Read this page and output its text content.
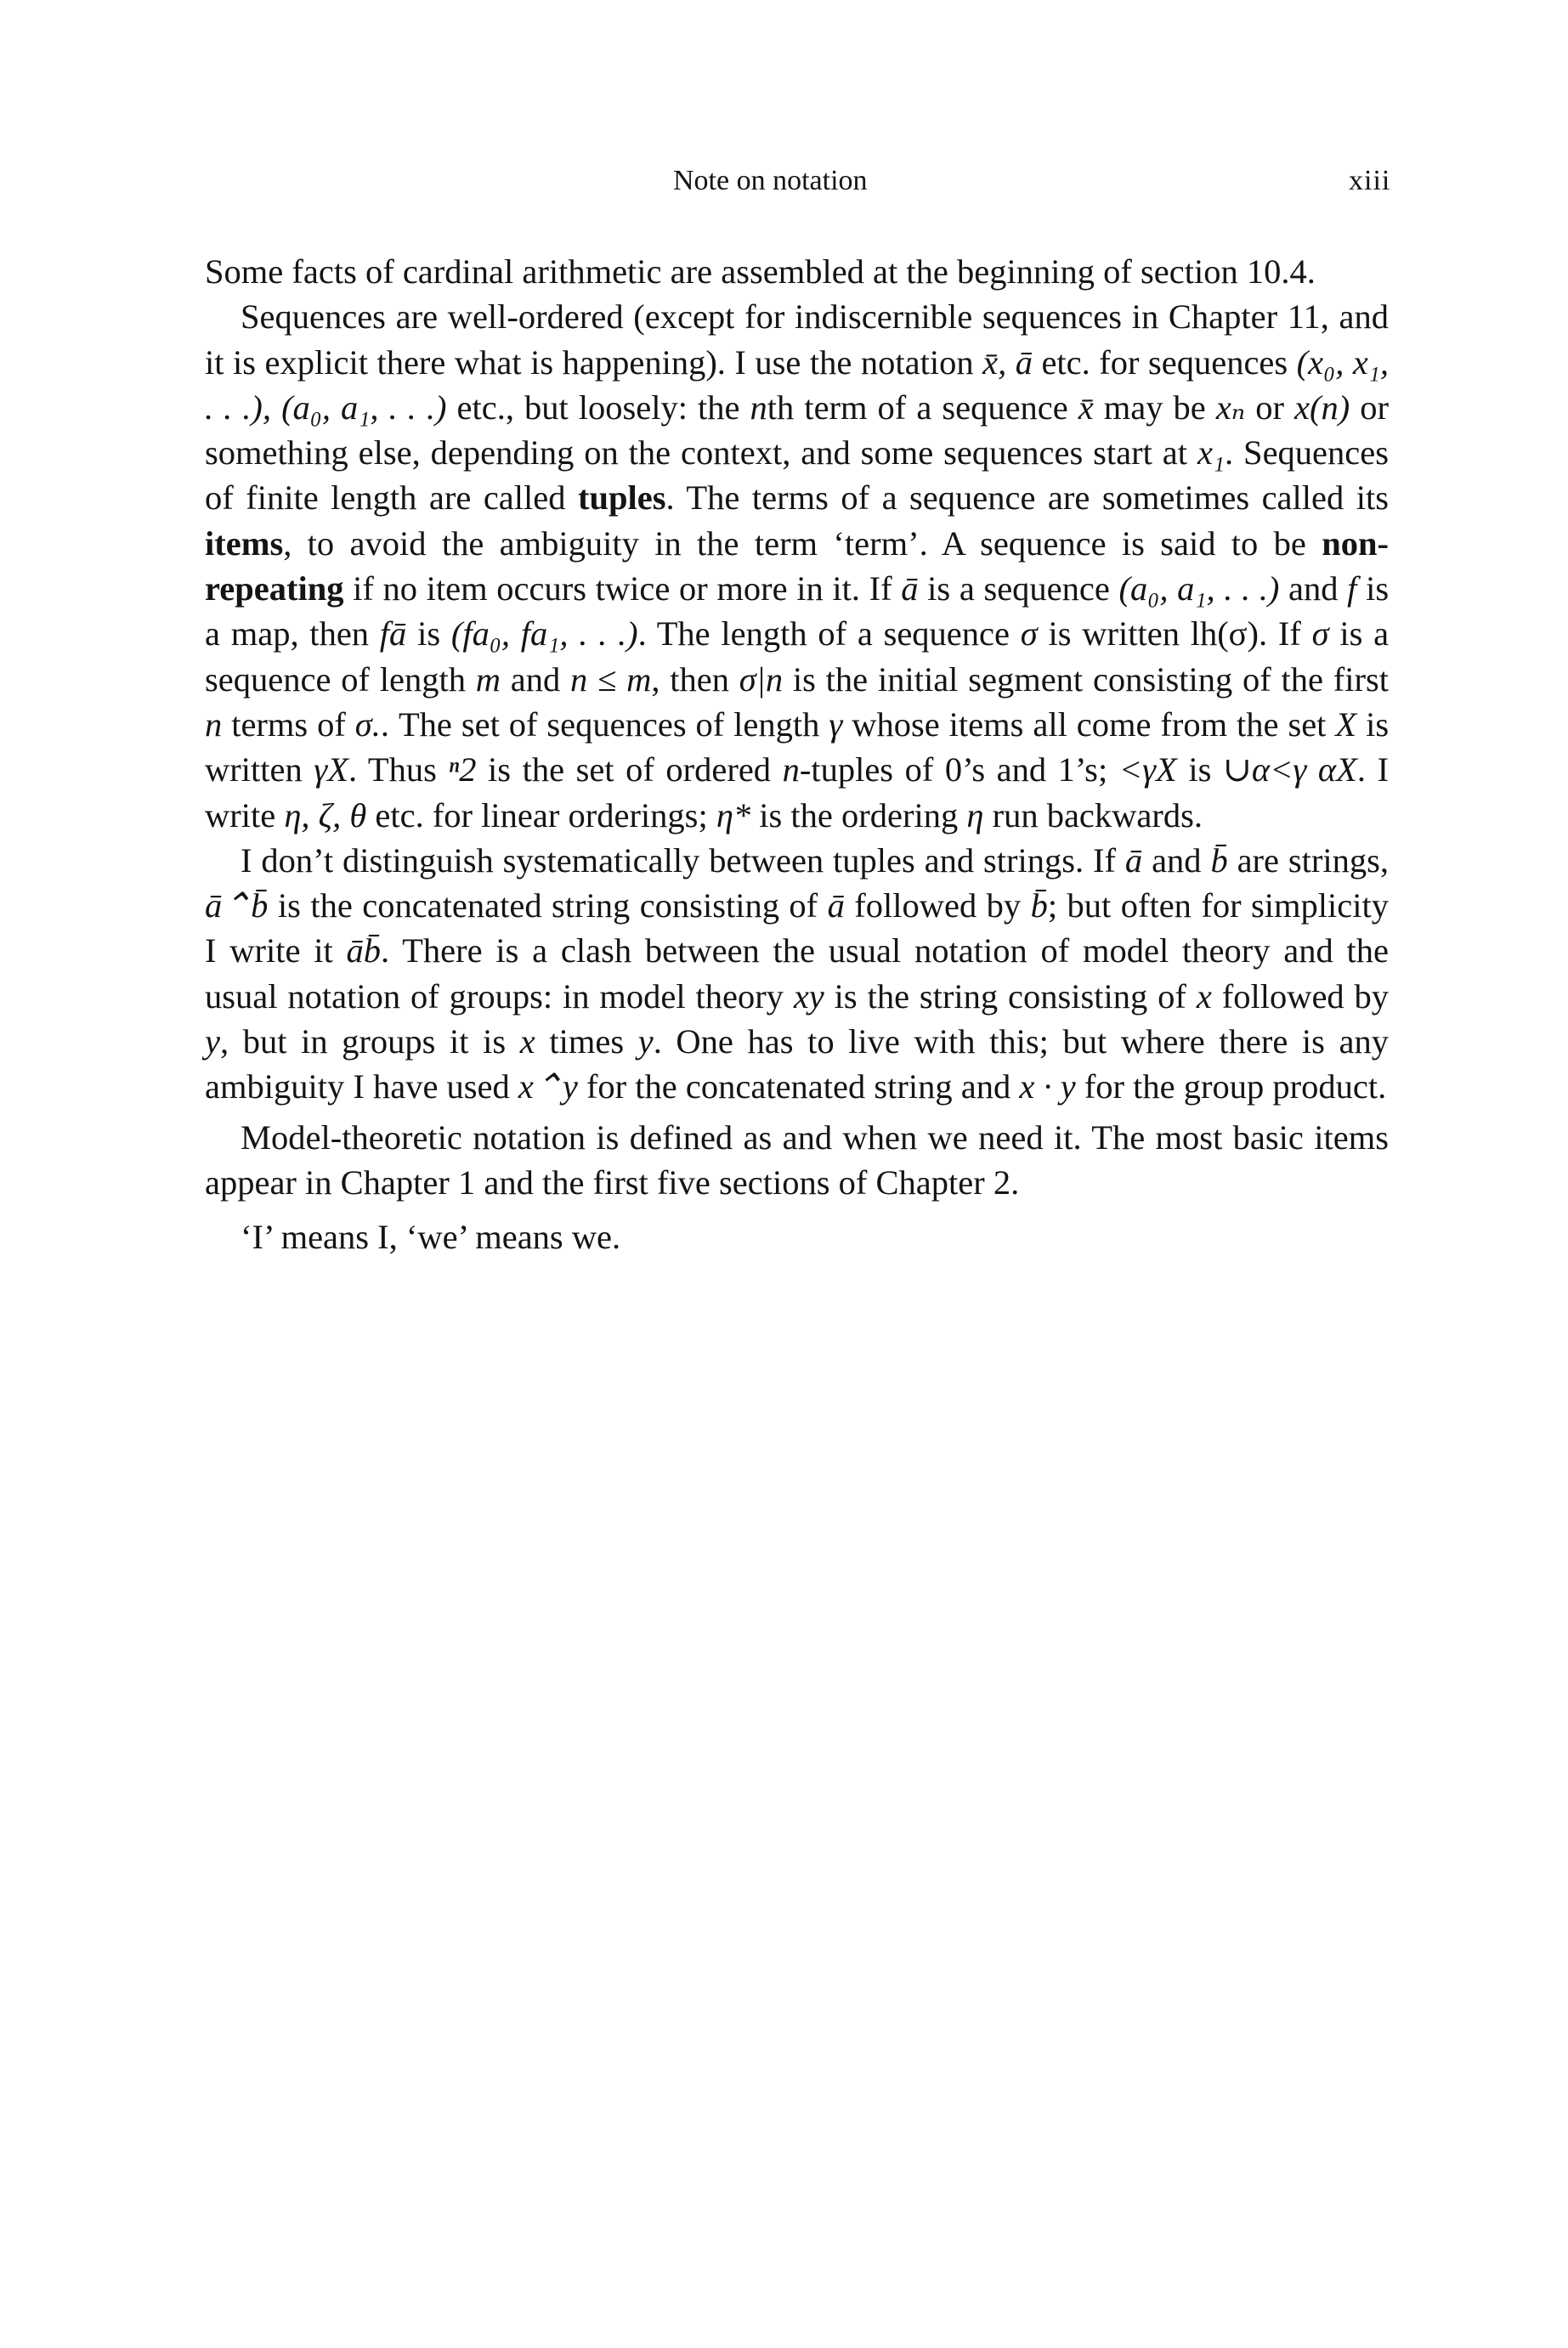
Note on notation	xiii

Some facts of cardinal arithmetic are assembled at the beginning of section 10.4.

Sequences are well-ordered (except for indiscernible sequences in Chapter 11, and it is explicit there what is happening). I use the notation x̄, ā etc. for sequences (x₀, x₁, . . .), (a₀, a₁, . . .) etc., but loosely: the nth term of a sequence x̄ may be xₙ or x(n) or something else, depending on the context, and some sequences start at x₁. Sequences of finite length are called tuples. The terms of a sequence are sometimes called its items, to avoid the ambiguity in the term ‘term’. A sequence is said to be non-repeating if no item occurs twice or more in it. If ā is a sequence (a₀, a₁, . . .) and f is a map, then fā is (fa₀, fa₁, . . .). The length of a sequence σ is written lh(σ). If σ is a sequence of length m and n ≤ m, then σ|n is the initial segment consisting of the first n terms of σ.. The set of sequences of length γ whose items all come from the set X is written γX. Thus ⁿ2 is the set of ordered n-tuples of 0’s and 1’s; <γX is ∪α<γ αX. I write η, ζ, θ etc. for linear orderings; η* is the ordering η run backwards.

I don’t distinguish systematically between tuples and strings. If ā and b̄ are strings, ā⌃b̄ is the concatenated string consisting of ā followed by b̄; but often for simplicity I write it āb̄. There is a clash between the usual notation of model theory and the usual notation of groups: in model theory xy is the string consisting of x followed by y, but in groups it is x times y. One has to live with this; but where there is any ambiguity I have used x⌃y for the concatenated string and x · y for the group product.

Model-theoretic notation is defined as and when we need it. The most basic items appear in Chapter 1 and the first five sections of Chapter 2.

‘I’ means I, ‘we’ means we.
